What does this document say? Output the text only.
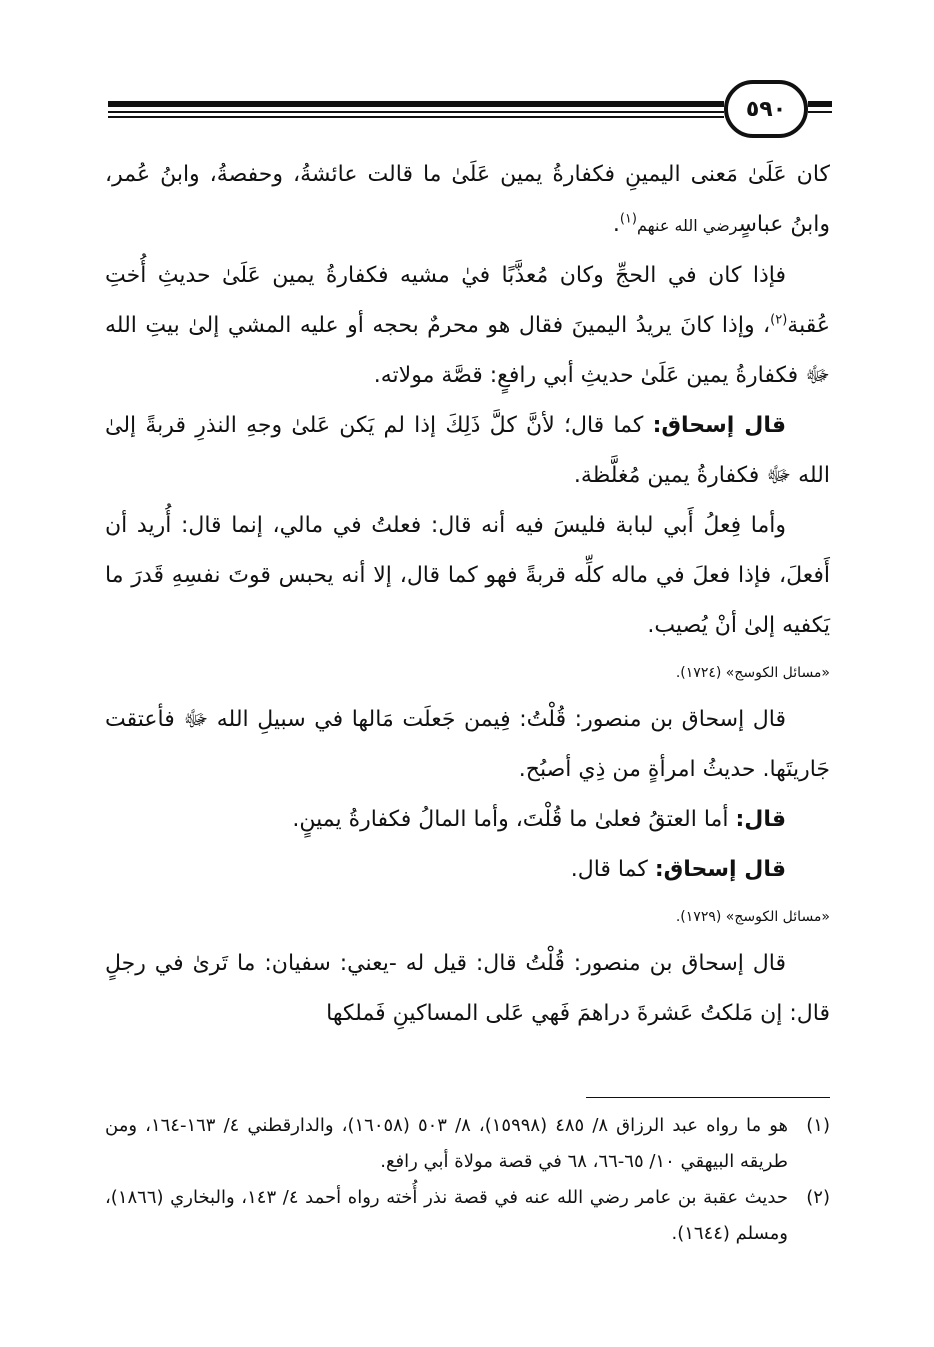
٥٩٠

كان عَلَىٰ مَعنى اليمينِ فكفارةُ يمين عَلَىٰ ما قالت عائشةُ، وحفصةُ، وابنُ عُمر، وابنُ عباسٍرضي الله عنهم$^{(١)}$.

فإذا كان في الحجِّ وكان مُعذَّبًا فيٰ مشيه فكفارةُ يمين عَلَىٰ حديثِ أُختِ عُقبة$^{(٢)}$، وإذا كانَ يريدُ اليمينَ فقال هو محرمٌ بحجه أو عليه المشي إلىٰ بيتِ الله ﷻ فكفارةُ يمين عَلَىٰ حديثِ أبي رافعٍ: قصَّة مولاته.

قال إسحاق: كما قال؛ لأنَّ كلَّ ذَلِكَ إذا لم يَكن عَلىٰ وجهِ النذرِ قربةً إلىٰ الله ﷻ فكفارةُ يمين مُغلَّظة.

وأما فِعلُ أَبي لبابة فليسَ فيه أنه قال: فعلتُ في مالي، إنما قال: أُريد أن أَفعلَ، فإذا فعلَ في ماله كلِّه قربةً فهو كما قال، إلا أنه يحبس قوتَ نفسِهِ قَدرَ ما يَكفيه إلىٰ أنْ يُصيب.

«مسائل الكوسج» (١٧٢٤).

قال إسحاق بن منصور: قُلْتُ: فِيمن جَعلَت مَالها في سبيلِ الله ﷻ فأعتقت جَاريتَها. حديثُ امرأةٍ من ذِي أصبُح.

قال: أما العتقُ فعلىٰ ما قُلْتَ، وأما المالُ فكفارةُ يمينٍ.

قال إسحاق: كما قال.

«مسائل الكوسج» (١٧٢٩).

قال إسحاق بن منصور: قُلْتُ قال: قيل له -يعني: سفيان: ما تَرىٰ في رجلٍ قال: إن مَلكتُ عَشرةَ دراهمَ فَهي عَلى المساكينِ فَملكها

(١)
هو ما رواه عبد الرزاق ٨/ ٤٨٥ (١٥٩٩٨)، ٨/ ٥٠٣ (١٦٠٥٨)، والدارقطني ٤/ ١٦٣-١٦٤، ومن طريقه البيهقي ١٠/ ٦٥-٦٦، ٦٨ في قصة مولاة أبي رافع.
(٢)
حديث عقبة بن عامر رضي الله عنه في قصة نذر أُخته رواه أحمد ٤/ ١٤٣، والبخاري (١٨٦٦)، ومسلم (١٦٤٤).
